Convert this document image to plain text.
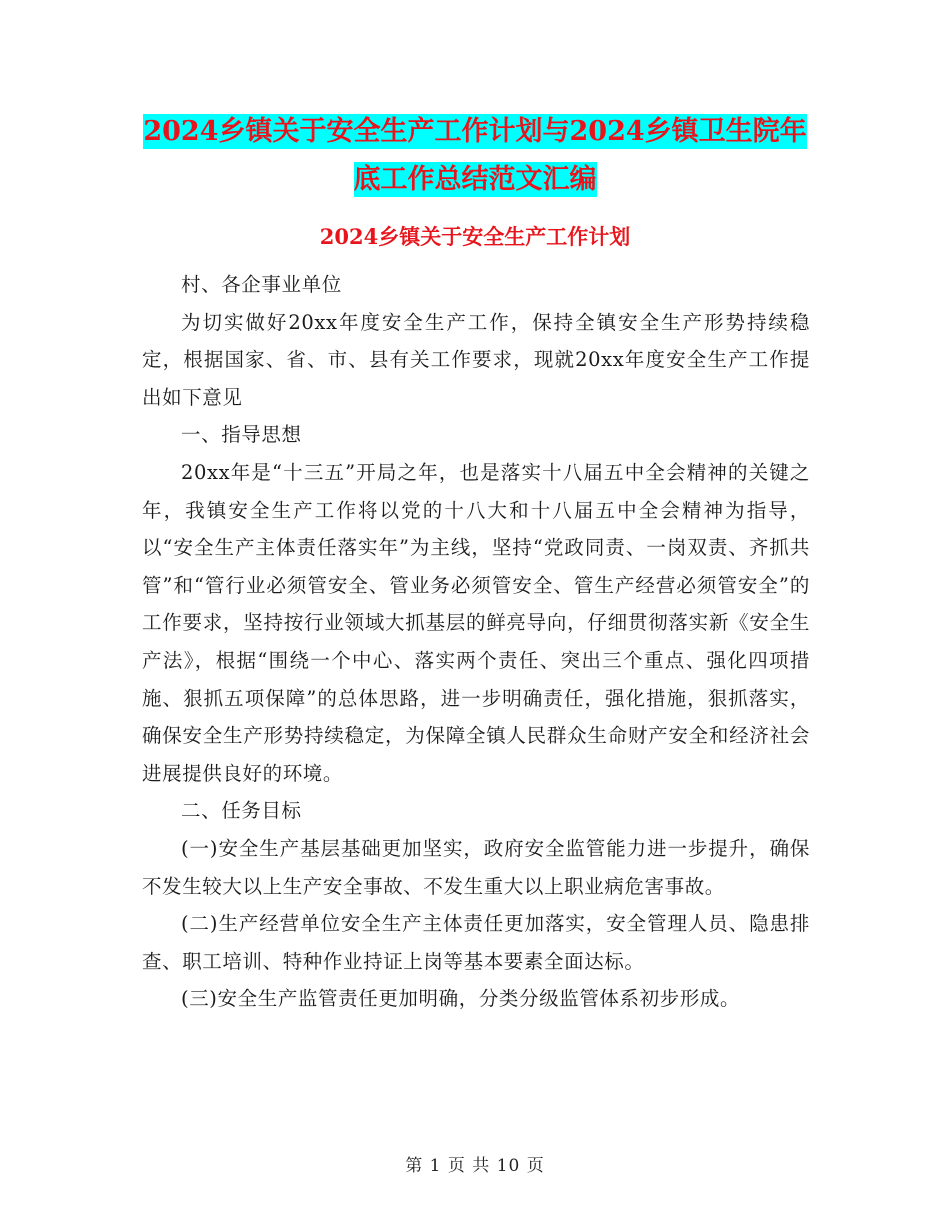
2024乡镇关于安全生产工作计划与2024乡镇卫生院年
底工作总结范文汇编
2024乡镇关于安全生产工作计划

村、各企事业单位

为切实做好20xx年度安全生产工作，保持全镇安全生产形势持续稳定，根据国家、省、市、县有关工作要求，现就20xx年度安全生产工作提出如下意见

一、指导思想

20xx年是“十三五”开局之年，也是落实十八届五中全会精神的关键之年，我镇安全生产工作将以党的十八大和十八届五中全会精神为指导，以“安全生产主体责任落实年”为主线，坚持“党政同责、一岗双责、齐抓共管”和“管行业必须管安全、管业务必须管安全、管生产经营必须管安全”的工作要求，坚持按行业领域大抓基层的鲜亮导向，仔细贯彻落实新《安全生产法》，根据“围绕一个中心、落实两个责任、突出三个重点、强化四项措施、狠抓五项保障”的总体思路，进一步明确责任，强化措施，狠抓落实，确保安全生产形势持续稳定，为保障全镇人民群众生命财产安全和经济社会进展提供良好的环境。

二、任务目标

(一)安全生产基层基础更加坚实，政府安全监管能力进一步提升，确保不发生较大以上生产安全事故、不发生重大以上职业病危害事故。

(二)生产经营单位安全生产主体责任更加落实，安全管理人员、隐患排查、职工培训、特种作业持证上岗等基本要素全面达标。

(三)安全生产监管责任更加明确，分类分级监管体系初步形成。

第 1 页 共 10 页
